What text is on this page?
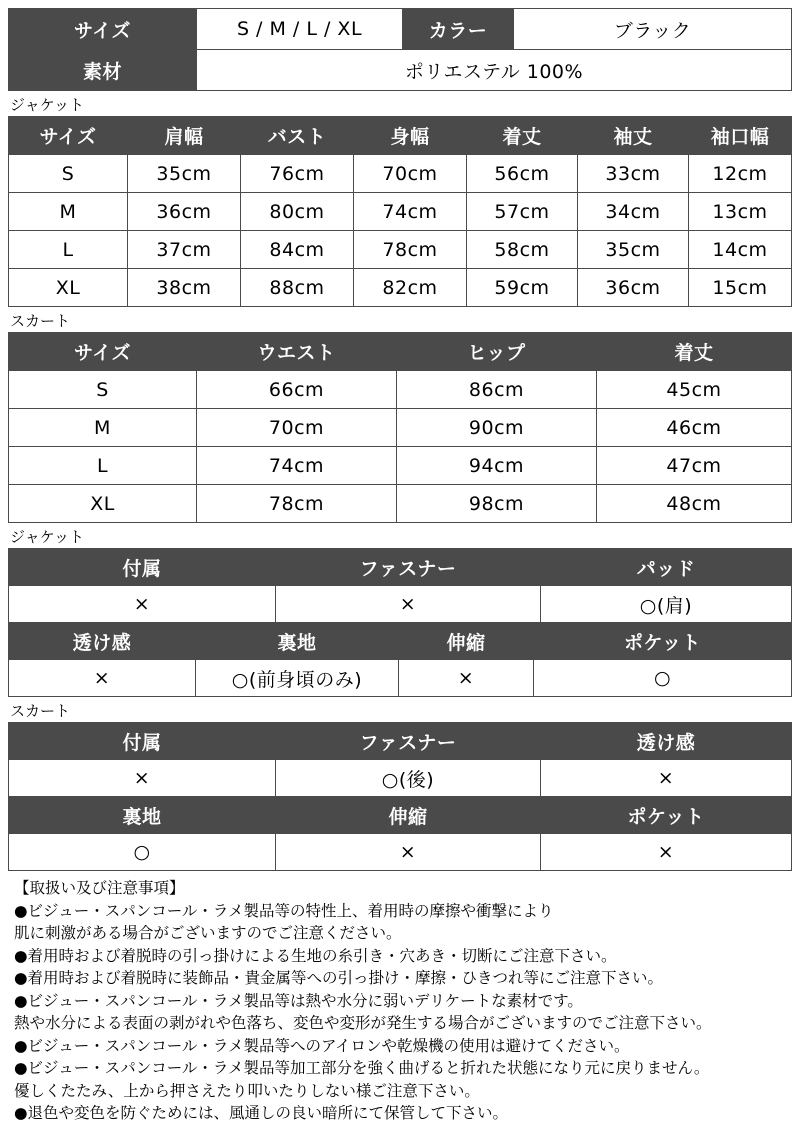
サイズ	S / M / L / XL	カラー	ブラック
素材	ポリエステル 100%		
ジャケット
サイズ	肩幅	バスト	身幅	着丈	袖丈	袖口幅
S	35cm	76cm	70cm	56cm	33cm	12cm
M	36cm	80cm	74cm	57cm	34cm	13cm
L	37cm	84cm	78cm	58cm	35cm	14cm
XL	38cm	88cm	82cm	59cm	36cm	15cm
スカート
サイズ	ウエスト	ヒップ	着丈
S	66cm	86cm	45cm
M	70cm	90cm	46cm
L	74cm	94cm	47cm
XL	78cm	98cm	48cm
ジャケット
付属	ファスナー	パッド
×	×	○(肩)
透け感	裏地	伸縮	ポケット
×	○(前身頃のみ)	×	○
スカート
付属	ファスナー	透け感
×	○(後)	×
裏地	伸縮	ポケット
○	×	×
【取扱い及び注意事項】
●ビジュー・スパンコール・ラメ製品等の特性上、着用時の摩擦や衝撃により
肌に刺激がある場合がございますのでご注意ください。
●着用時および着脱時の引っ掛けによる生地の糸引き・穴あき・切断にご注意下さい。
●着用時および着脱時に装飾品・貴金属等への引っ掛け・摩擦・ひきつれ等にご注意下さい。
●ビジュー・スパンコール・ラメ製品等は熱や水分に弱いデリケートな素材です。
熱や水分による表面の剥がれや色落ち、変色や変形が発生する場合がございますのでご注意下さい。
●ビジュー・スパンコール・ラメ製品等へのアイロンや乾燥機の使用は避けてください。
●ビジュー・スパンコール・ラメ製品等加工部分を強く曲げると折れた状態になり元に戻りません。
優しくたたみ、上から押さえたり叩いたりしない様ご注意下さい。
●退色や変色を防ぐためには、風通しの良い暗所にて保管して下さい。
